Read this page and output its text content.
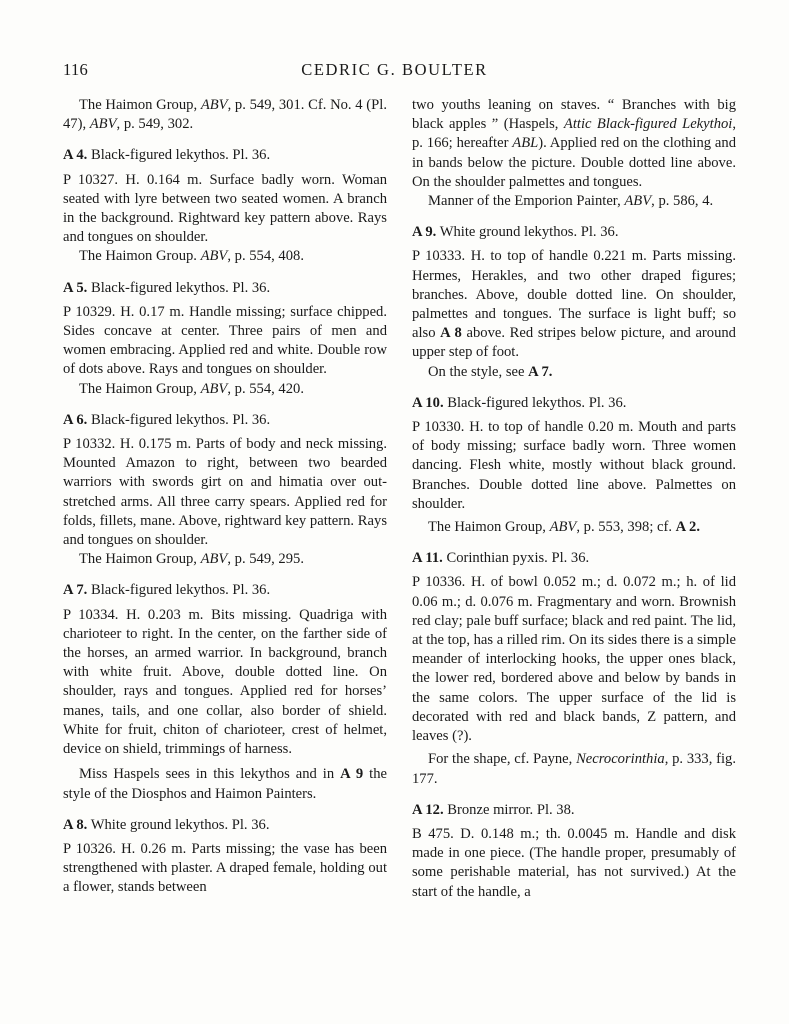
116	CEDRIC G. BOULTER

The Haimon Group, ABV, p. 549, 301. Cf. No. 4 (Pl. 47), ABV, p. 549, 302.

A 4. Black-figured lekythos. Pl. 36.

P 10327. H. 0.164 m. Surface badly worn. Woman seated with lyre between two seated women. A branch in the background. Rightward key pattern above. Rays and tongues on shoulder.

The Haimon Group. ABV, p. 554, 408.

A 5. Black-figured lekythos. Pl. 36.

P 10329. H. 0.17 m. Handle missing; surface chipped. Sides concave at center. Three pairs of men and women embracing. Applied red and white. Double row of dots above. Rays and tongues on shoulder.

The Haimon Group, ABV, p. 554, 420.

A 6. Black-figured lekythos. Pl. 36.

P 10332. H. 0.175 m. Parts of body and neck missing. Mounted Amazon to right, between two bearded warriors with swords girt on and himatia over out-stretched arms. All three carry spears. Applied red for folds, fillets, mane. Above, rightward key pattern. Rays and tongues on shoulder.

The Haimon Group, ABV, p. 549, 295.

A 7. Black-figured lekythos. Pl. 36.

P 10334. H. 0.203 m. Bits missing. Quadriga with charioteer to right. In the center, on the farther side of the horses, an armed warrior. In background, branch with white fruit. Above, double dotted line. On shoulder, rays and tongues. Applied red for horses’ manes, tails, and one collar, also border of shield. White for fruit, chiton of charioteer, crest of helmet, device on shield, trimmings of harness.

Miss Haspels sees in this lekythos and in A 9 the style of the Diosphos and Haimon Painters.

A 8. White ground lekythos. Pl. 36.

P 10326. H. 0.26 m. Parts missing; the vase has been strengthened with plaster. A draped female, holding out a flower, stands between

two youths leaning on staves. “ Branches with big black apples ” (Haspels, Attic Black-figured Lekythoi, p. 166; hereafter ABL). Applied red on the clothing and in bands below the picture. Double dotted line above. On the shoulder palmettes and tongues.

Manner of the Emporion Painter, ABV, p. 586, 4.

A 9. White ground lekythos. Pl. 36.

P 10333. H. to top of handle 0.221 m. Parts missing. Hermes, Herakles, and two other draped figures; branches. Above, double dotted line. On shoulder, palmettes and tongues. The surface is light buff; so also A 8 above. Red stripes below picture, and around upper step of foot.

On the style, see A 7.

A 10. Black-figured lekythos. Pl. 36.

P 10330. H. to top of handle 0.20 m. Mouth and parts of body missing; surface badly worn. Three women dancing. Flesh white, mostly without black ground. Branches. Double dotted line above. Palmettes on shoulder.

The Haimon Group, ABV, p. 553, 398; cf. A 2.

A 11. Corinthian pyxis. Pl. 36.

P 10336. H. of bowl 0.052 m.; d. 0.072 m.; h. of lid 0.06 m.; d. 0.076 m. Fragmentary and worn. Brownish red clay; pale buff surface; black and red paint. The lid, at the top, has a rilled rim. On its sides there is a simple meander of interlocking hooks, the upper ones black, the lower red, bordered above and below by bands in the same colors. The upper surface of the lid is decorated with red and black bands, Z pattern, and leaves (?).

For the shape, cf. Payne, Necrocorinthia, p. 333, fig. 177.

A 12. Bronze mirror. Pl. 38.

B 475. D. 0.148 m.; th. 0.0045 m. Handle and disk made in one piece. (The handle proper, presumably of some perishable material, has not survived.) At the start of the handle, a
